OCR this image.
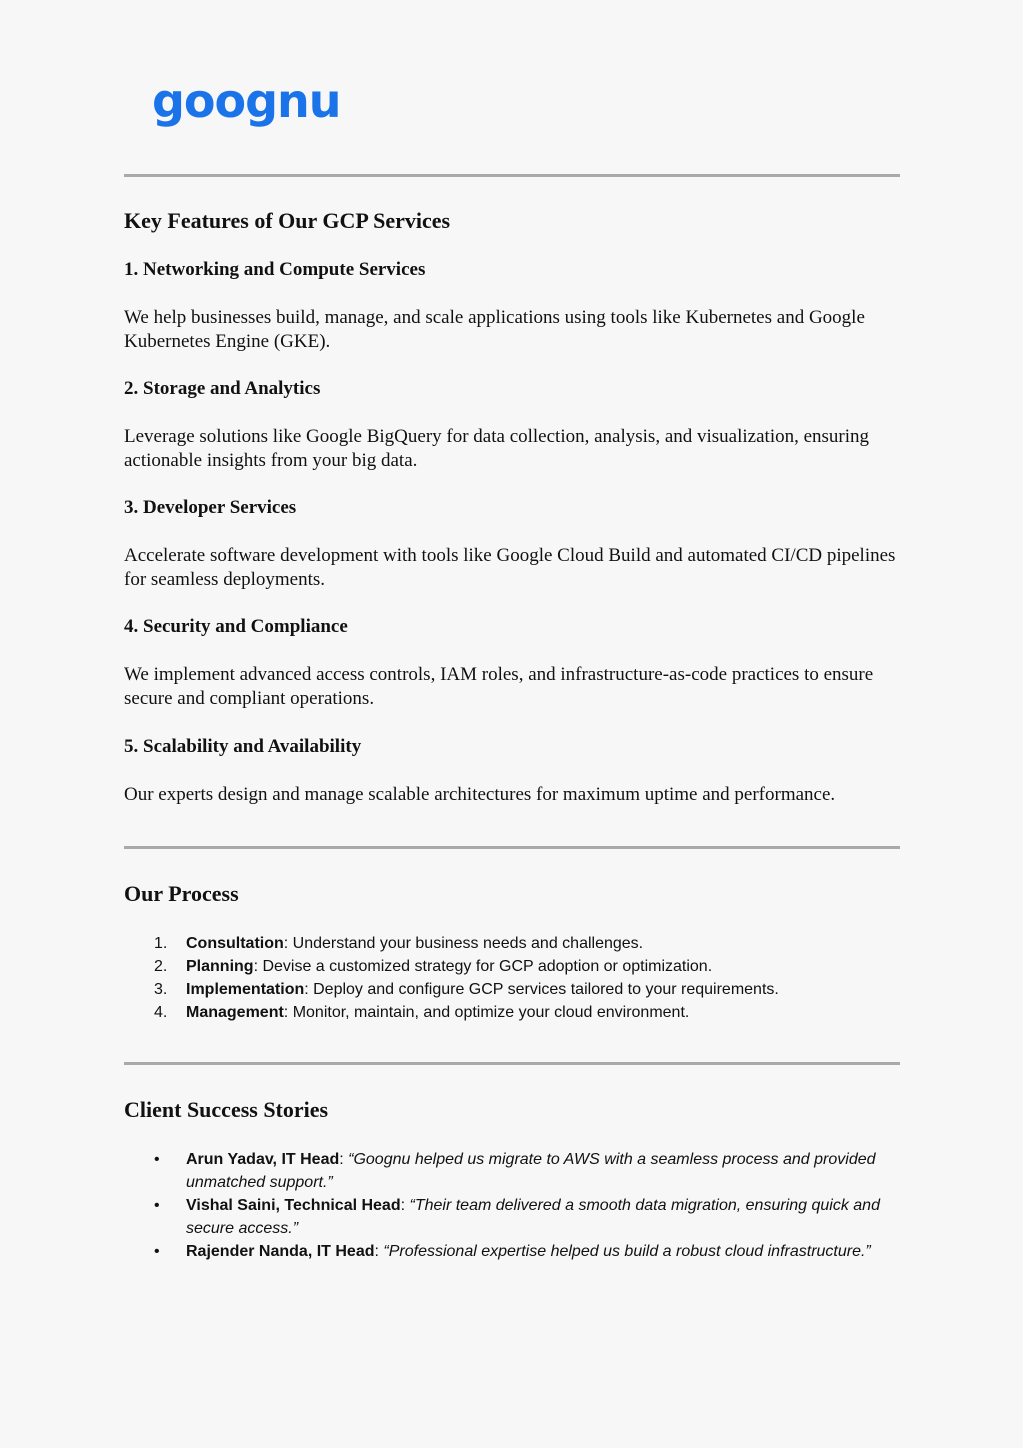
goognu
Key Features of Our GCP Services
1. Networking and Compute Services

We help businesses build, manage, and scale applications using tools like Kubernetes and Google Kubernetes Engine (GKE).

2. Storage and Analytics

Leverage solutions like Google BigQuery for data collection, analysis, and visualization, ensuring actionable insights from your big data.

3. Developer Services

Accelerate software development with tools like Google Cloud Build and automated CI/CD pipelines for seamless deployments.

4. Security and Compliance

We implement advanced access controls, IAM roles, and infrastructure-as-code practices to ensure secure and compliant operations.

5. Scalability and Availability

Our experts design and manage scalable architectures for maximum uptime and performance.

Our Process
1. Consultation: Understand your business needs and challenges.
2. Planning: Devise a customized strategy for GCP adoption or optimization.
3. Implementation: Deploy and configure GCP services tailored to your requirements.
4. Management: Monitor, maintain, and optimize your cloud environment.
Client Success Stories
• Arun Yadav, IT Head: “Goognu helped us migrate to AWS with a seamless process and provided unmatched support.”
• Vishal Saini, Technical Head: “Their team delivered a smooth data migration, ensuring quick and secure access.”
• Rajender Nanda, IT Head: “Professional expertise helped us build a robust cloud infrastructure.”
